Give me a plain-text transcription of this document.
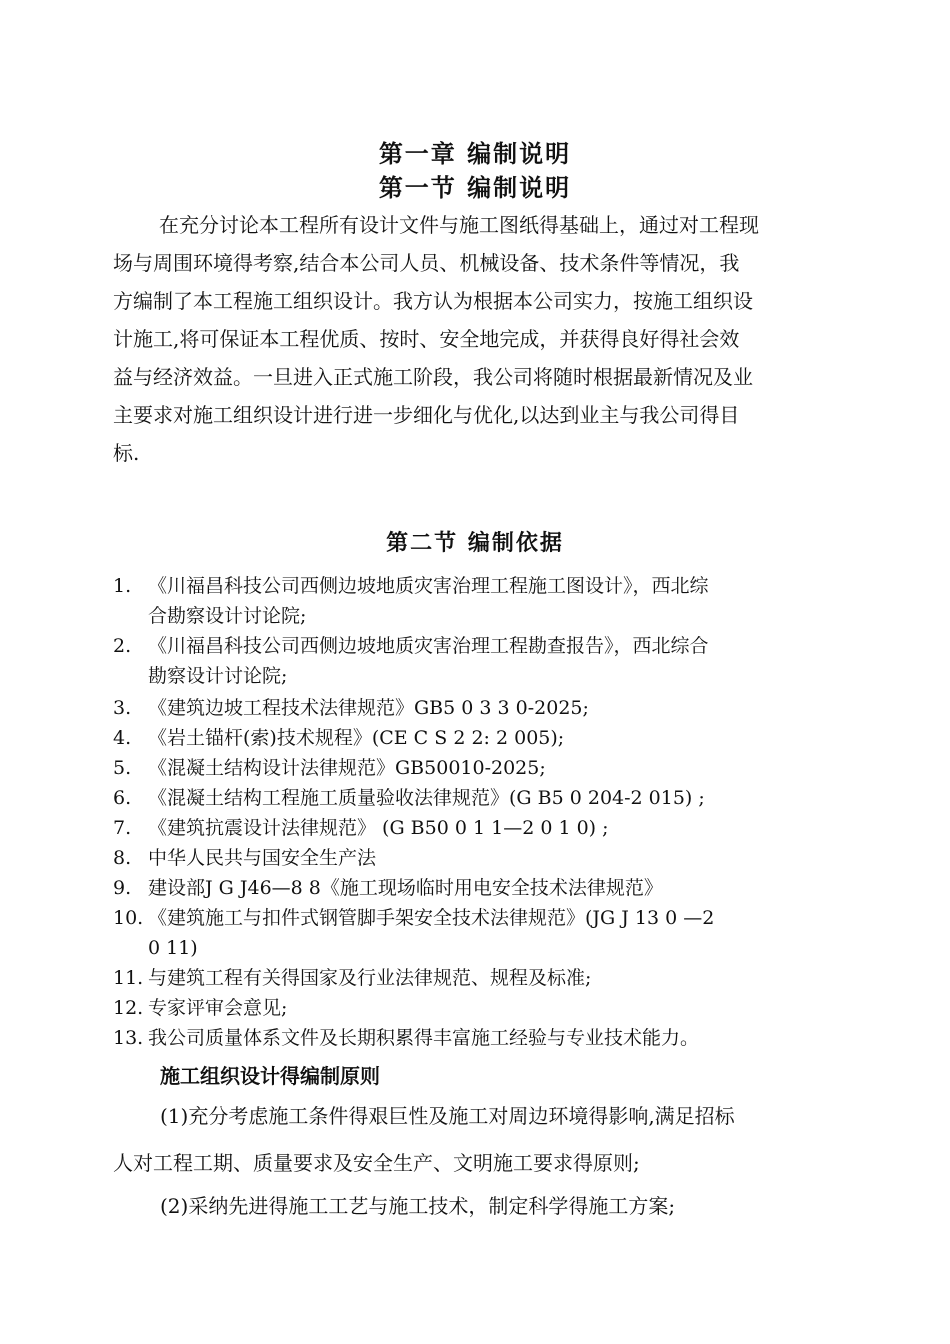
第一章 编制说明
第一节 编制说明
在充分讨论本工程所有设计文件与施工图纸得基础上，通过对工程现
场与周围环境得考察,结合本公司人员、机械设备、技术条件等情况，我
方编制了本工程施工组织设计。我方认为根据本公司实力，按施工组织设
计施工,将可保证本工程优质、按时、安全地完成，并获得良好得社会效
益与经济效益。一旦进入正式施工阶段，我公司将随时根据最新情况及业
主要求对施工组织设计进行进一步细化与优化,以达到业主与我公司得目
标.
第二节 编制依据
1. 《川福昌科技公司西侧边坡地质灾害治理工程施工图设计》，西北综
合勘察设计讨论院;
2. 《川福昌科技公司西侧边坡地质灾害治理工程勘查报告》，西北综合
勘察设计讨论院;
3. 《建筑边坡工程技术法律规范》GB5 0 3 3 0-2025;
4. 《岩土锚杆(索)技术规程》(CE C S 2 2: 2 005);
5. 《混凝土结构设计法律规范》GB50010-2025;
6. 《混凝土结构工程施工质量验收法律规范》(G B5 0 204-2 015) ;
7. 《建筑抗震设计法律规范》 (G B50 0 1 1—2 0 1 0) ;
8. 中华人民共与国安全生产法
9. 建设部J G J46—8 8《施工现场临时用电安全技术法律规范》
10. 《建筑施工与扣件式钢管脚手架安全技术法律规范》(JG J 13 0 —2
0 11)
11. 与建筑工程有关得国家及行业法律规范、规程及标准;
12. 专家评审会意见;
13. 我公司质量体系文件及长期积累得丰富施工经验与专业技术能力。
施工组织设计得编制原则
(1)充分考虑施工条件得艰巨性及施工对周边环境得影响,满足招标
人对工程工期、质量要求及安全生产、文明施工要求得原则;
(2)采纳先进得施工工艺与施工技术，制定科学得施工方案;
